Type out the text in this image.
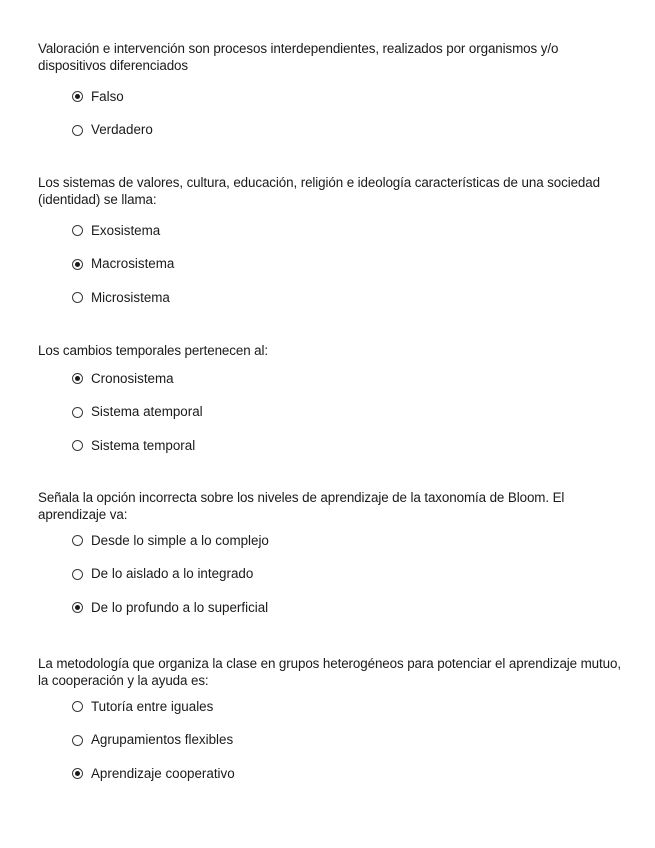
Valoración e intervención son procesos interdependientes, realizados por organismos y/o dispositivos diferenciados

Falso
Verdadero

Los sistemas de valores, cultura, educación, religión e ideología características de una sociedad (identidad) se llama:

Exosistema
Macrosistema
Microsistema

Los cambios temporales pertenecen al:

Cronosistema
Sistema atemporal
Sistema temporal

Señala la opción incorrecta sobre los niveles de aprendizaje de la taxonomía de Bloom. El aprendizaje va:

Desde lo simple a lo complejo
De lo aislado a lo integrado
De lo profundo a lo superficial

La metodología que organiza la clase en grupos heterogéneos para potenciar el aprendizaje mutuo, la cooperación y la ayuda es:

Tutoría entre iguales
Agrupamientos flexibles
Aprendizaje cooperativo
